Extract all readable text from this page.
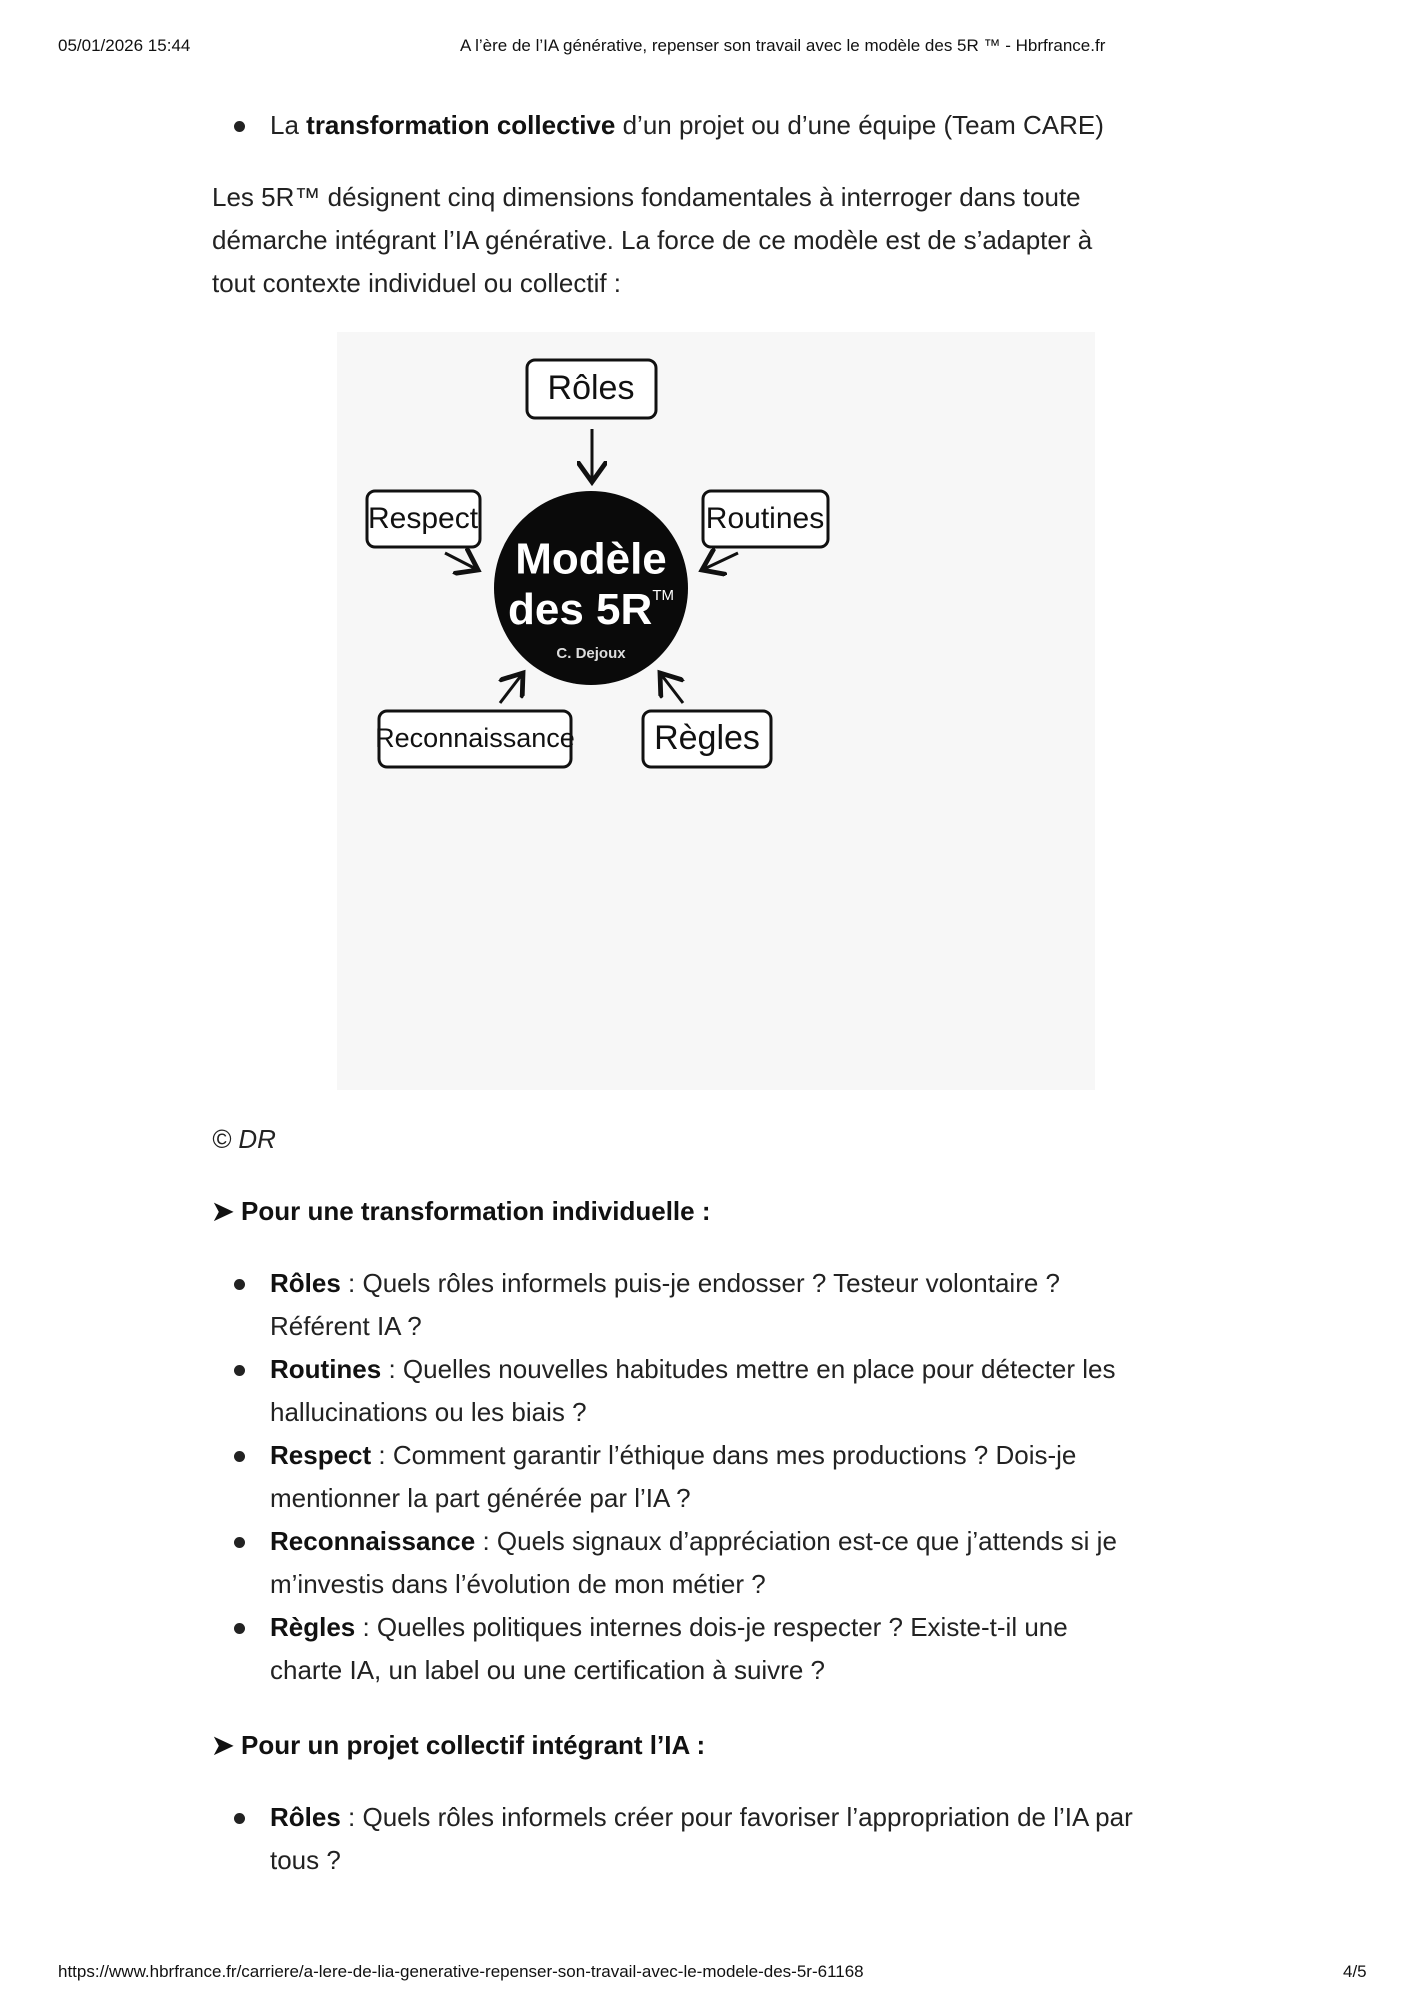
05/01/2026 15:44	A l’ère de l’IA générative, repenser son travail avec le modèle des 5R ™ - Hbrfrance.fr
La transformation collective d’un projet ou d’une équipe (Team CARE)
Les 5R™ désignent cinq dimensions fondamentales à interroger dans toute
démarche intégrant l’IA générative. La force de ce modèle est de s’adapter à
tout contexte individuel ou collectif :
Modèle
des 5R™
C. Dejoux
Rôles
Respect	Routines
Reconnaissance Règles
© DR
➤ Pour une transformation individuelle :
Rôles : Quels rôles informels puis-je endosser ? Testeur volontaire ?
Référent IA ?
Routines : Quelles nouvelles habitudes mettre en place pour détecter les
hallucinations ou les biais ?
Respect : Comment garantir l’éthique dans mes productions ? Dois-je
mentionner la part générée par l’IA ?
Reconnaissance : Quels signaux d’appréciation est-ce que j’attends si je
m’investis dans l’évolution de mon métier ?
Règles : Quelles politiques internes dois-je respecter ? Existe-t-il une
charte IA, un label ou une certification à suivre ?
➤ Pour un projet collectif intégrant l’IA :
Rôles : Quels rôles informels créer pour favoriser l’appropriation de l’IA par
tous ?
https://www.hbrfrance.fr/carriere/a-lere-de-lia-generative-repenser-son-travail-avec-le-modele-des-5r-61168	4/5
